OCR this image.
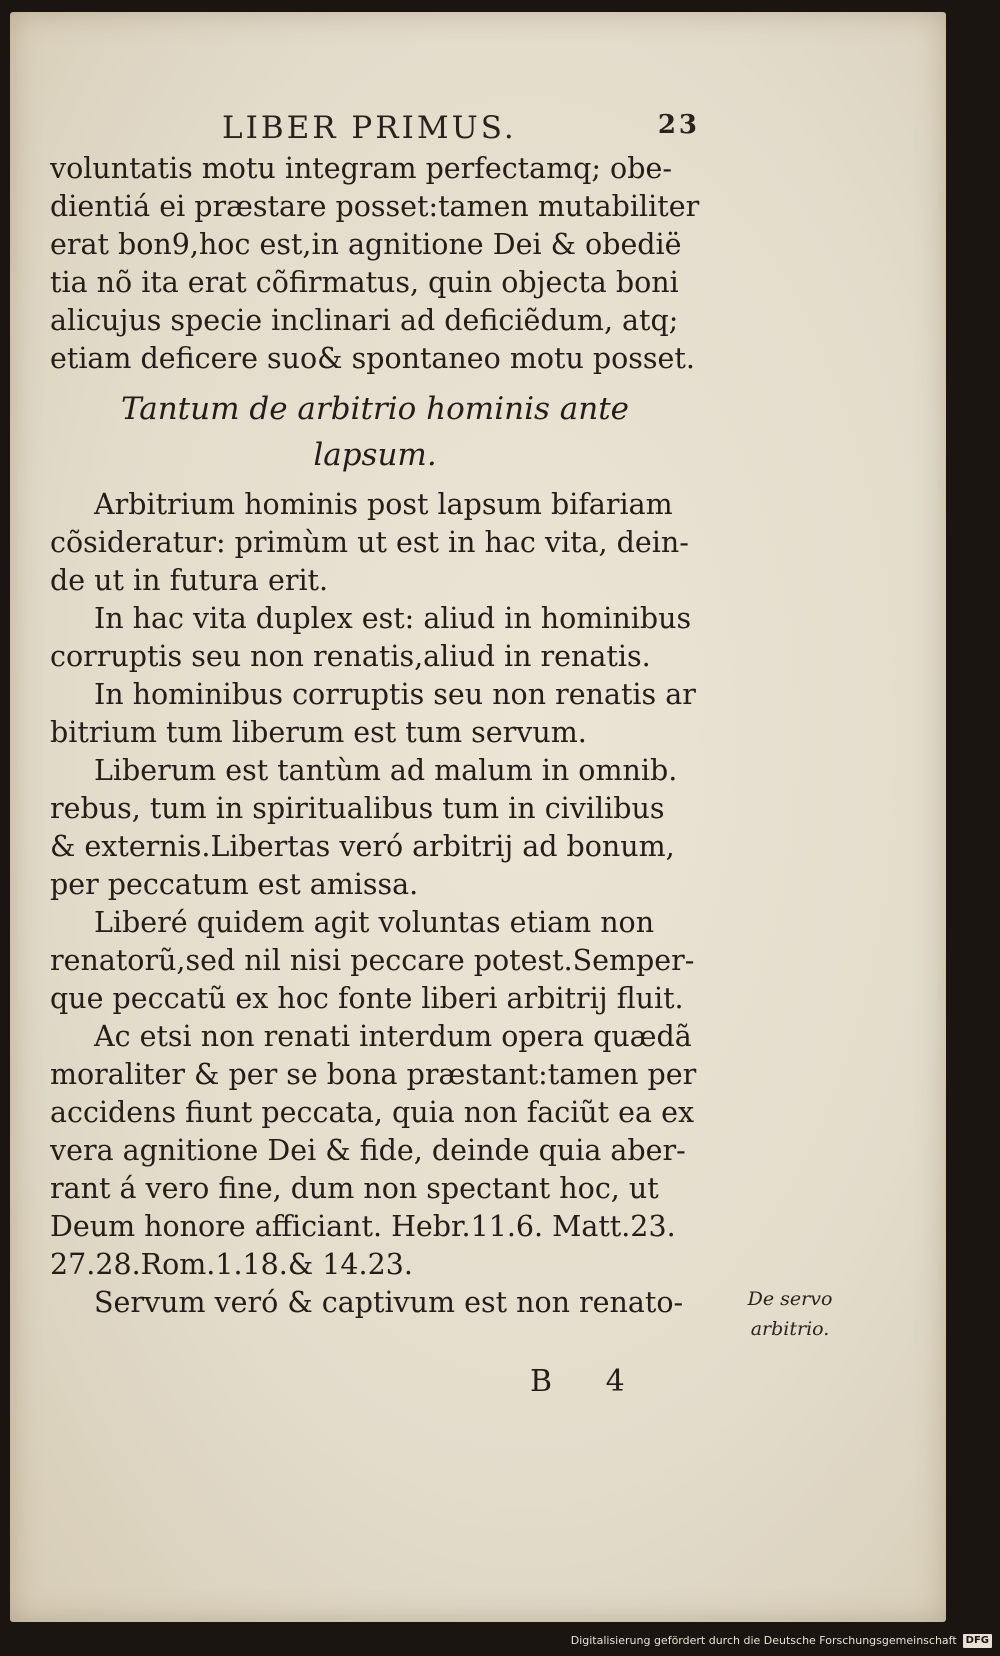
LIBER PRIMUS.	23
voluntatis motu integram perfectamq; obe-
dientiá ei præstare posset:tamen mutabiliter
erat bon9,hoc est,in agnitione Dei & obedië
tia nõ ita erat cõfirmatus, quin objecta boni
alicujus specie inclinari ad deficiẽdum, atq;
etiam deficere suo& spontaneo motu posset.
Tantum de arbitrio hominis ante
lapsum.
Arbitrium hominis post lapsum bifariam
cõsideratur: primùm ut est in hac vita, dein-
de ut in futura erit.
In hac vita duplex est: aliud in hominibus
corruptis seu non renatis,aliud in renatis.
In hominibus corruptis seu non renatis ar
bitrium tum liberum est tum servum.
Liberum est tantùm ad malum in omnib.
rebus, tum in spiritualibus tum in civilibus
& externis.Libertas veró arbitrij ad bonum,
per peccatum est amissa.
Liberé quidem agit voluntas etiam non
renatorũ,sed nil nisi peccare potest.Semper-
que peccatũ ex hoc fonte liberi arbitrij fluit.
Ac etsi non renati interdum opera quædã
moraliter & per se bona præstant:tamen per
accidens fiunt peccata, quia non faciũt ea ex
vera agnitione Dei & fide, deinde quia aber-
rant á vero fine, dum non spectant hoc, ut
Deum honore afficiant. Hebr.11.6. Matt.23.
27.28.Rom.1.18.& 14.23.
Servum veró & captivum est non renato-	De servo
arbitrio.
B 4
Digitalisierung gefördert durch die Deutsche Forschungsgemeinschaft DFG
